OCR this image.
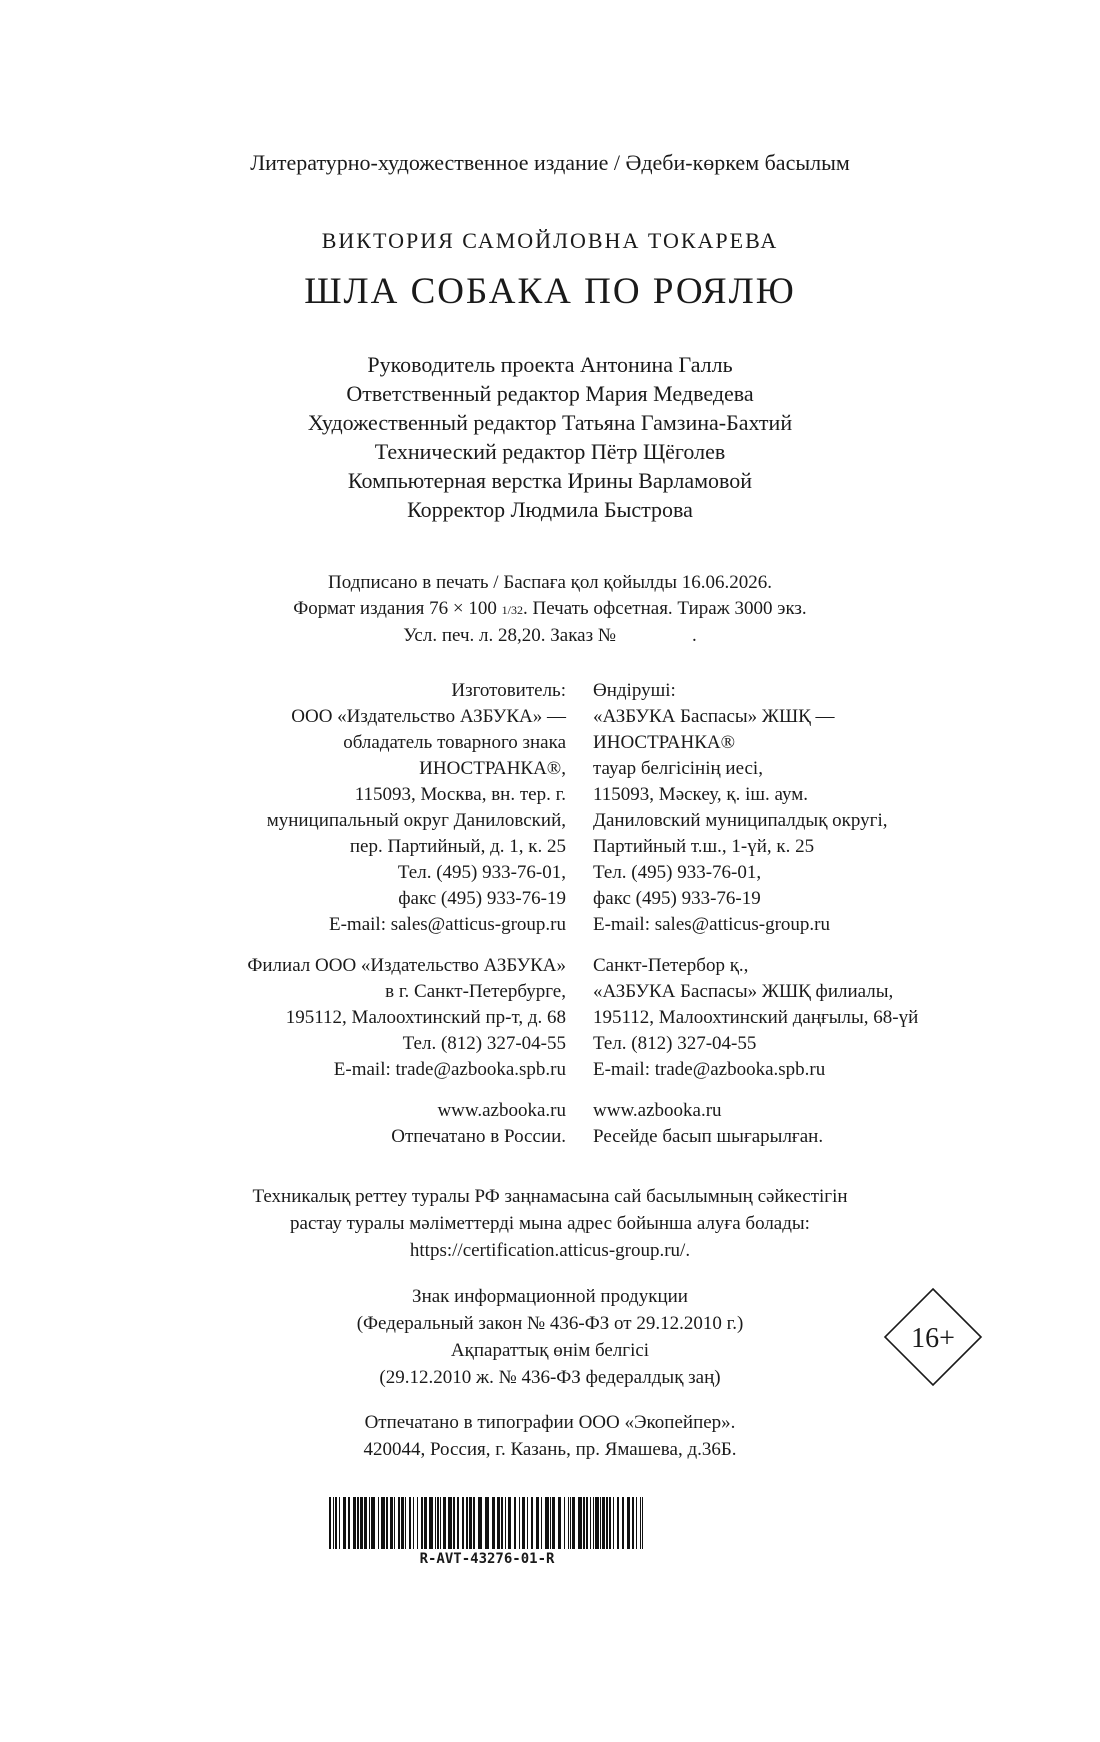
Литературно-художественное издание / Әдеби-көркем басылым
ВИКТОРИЯ САМОЙЛОВНА ТОКАРЕВА
ШЛА СОБАКА ПО РОЯЛЮ
Руководитель проекта Антонина Галль
Ответственный редактор Мария Медведева
Художественный редактор Татьяна Гамзина-Бахтий
Технический редактор Пётр Щёголев
Компьютерная верстка Ирины Варламовой
Корректор Людмила Быстрова
Подписано в печать / Баспаға қол қойылды 16.06.2026.
Формат издания 76 × 100 1/32. Печать офсетная. Тираж 3000 экз.
Усл. печ. л. 28,20. Заказ №                .
Изготовитель:
ООО «Издательство АЗБУКА» —
обладатель товарного знака
ИНОСТРАНКА®,
115093, Москва, вн. тер. г.
муниципальный округ Даниловский,
пер. Партийный, д. 1, к. 25
Тел. (495) 933-76-01,
факс (495) 933-76-19
E-mail: sales@atticus-group.ru
Өндіруші:
«АЗБУКА Баспасы» ЖШҚ —
ИНОСТРАНКА®
тауар белгісінің иесі,
115093, Мәскеу, қ. іш. аум.
Даниловский муниципалдық округі,
Партийный т.ш., 1-үй, к. 25
Тел. (495) 933-76-01,
факс (495) 933-76-19
E-mail: sales@atticus-group.ru
Филиал ООО «Издательство АЗБУКА»
в г. Санкт-Петербурге,
195112, Малоохтинский пр-т, д. 68
Тел. (812) 327-04-55
E-mail: trade@azbooka.spb.ru
Санкт-Петербор қ.,
«АЗБУКА Баспасы» ЖШҚ филиалы,
195112, Малоохтинский даңғылы, 68-үй
Тел. (812) 327-04-55
E-mail: trade@azbooka.spb.ru
www.azbooka.ru
Отпечатано в России.
www.azbooka.ru
Ресейде басып шығарылған.
Техникалық реттеу туралы РФ заңнамасына сай басылымның сәйкестігін
растау туралы мәліметтерді мына адрес бойынша алуға болады:
https://certification.atticus-group.ru/.
Знак информационной продукции
(Федеральный закон № 436-ФЗ от 29.12.2010 г.)
Ақпараттық өнім белгісі
(29.12.2010 ж. № 436-ФЗ федералдық заң)
16+
Отпечатано в типографии ООО «Экопейпер».
420044, Россия, г. Казань, пр. Ямашева, д.36Б.
R-AVT-43276-01-R
